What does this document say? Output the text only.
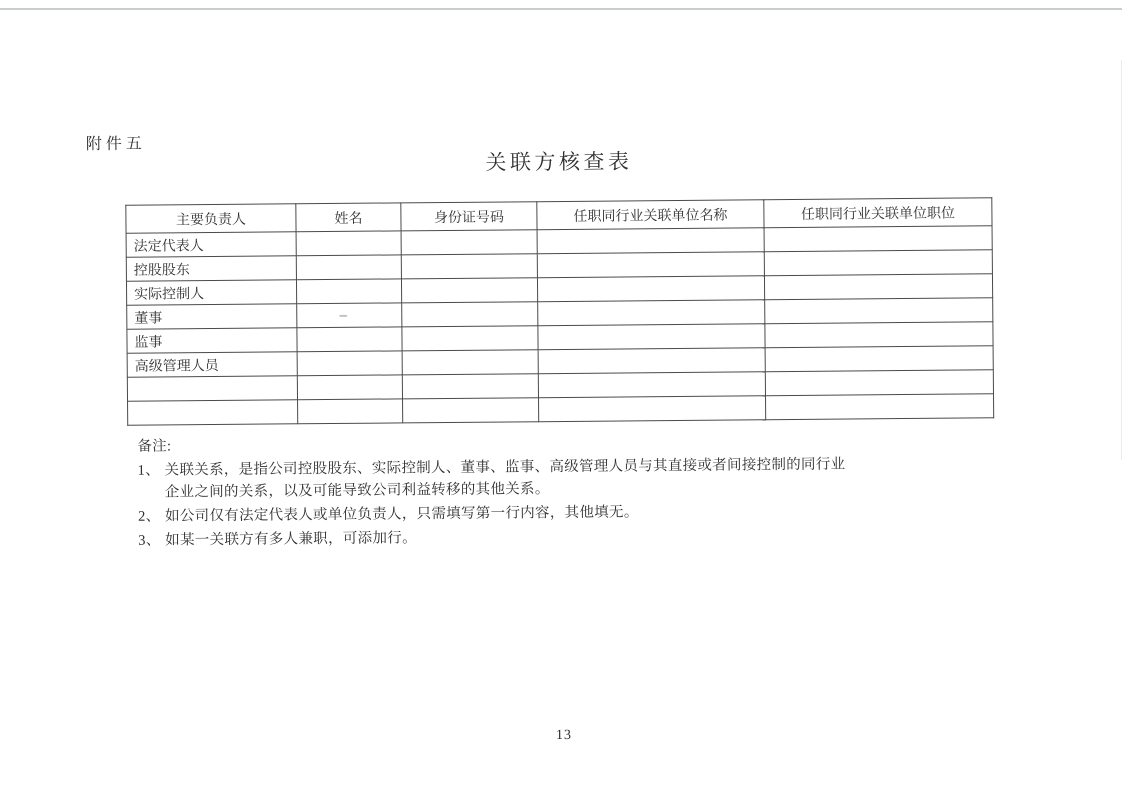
附件五
关联方核查表
主要负责人	姓名	身份证号码	任职同行业关联单位名称	任职同行业关联单位职位
法定代表人				
控股股东				
实际控制人				
董事				
监事				
高级管理人员				

备注:
1、 关联关系，是指公司控股股东、实际控制人、董事、监事、高级管理人员与其直接或者间接控制的同行业企业之间的关系，以及可能导致公司利益转移的其他关系。
2、 如公司仅有法定代表人或单位负责人，只需填写第一行内容，其他填无。
3、 如某一关联方有多人兼职，可添加行。
13
